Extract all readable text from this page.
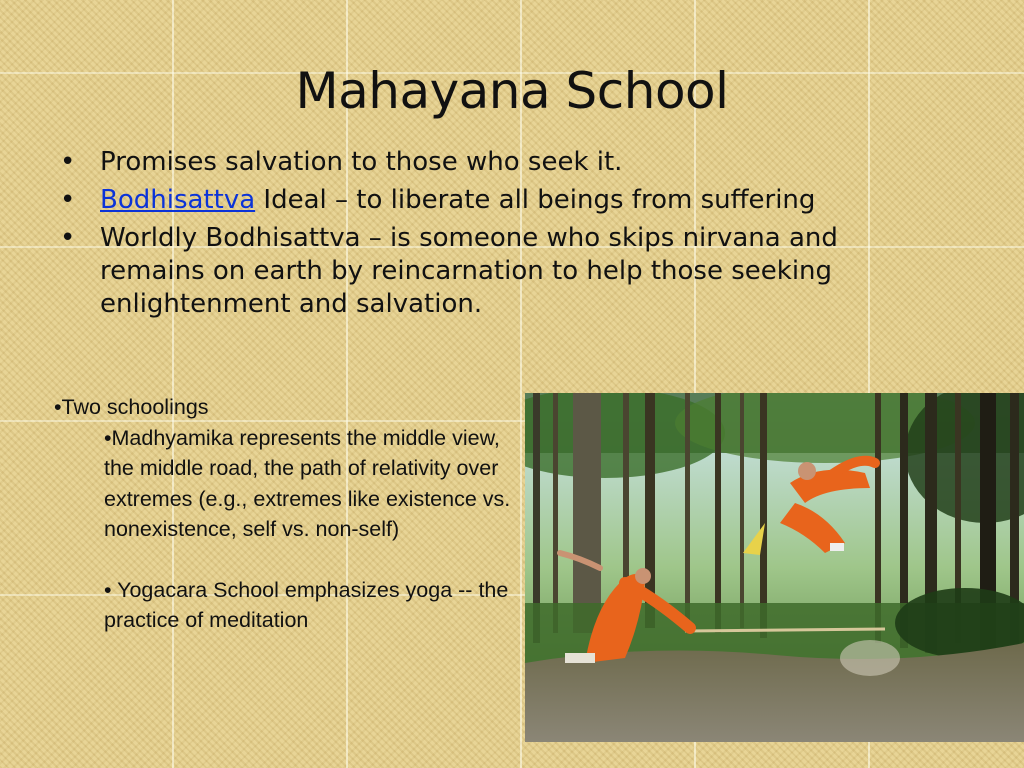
Mahayana School
• Promises salvation to those who seek it.
• Bodhisattva Ideal – to liberate all beings from suffering
• Worldly Bodhisattva – is someone who skips nirvana and remains on earth by reincarnation to help those seeking enlightenment and salvation.
•Two schoolings
•Madhyamika represents the middle view, the middle road, the path of relativity over extremes (e.g., extremes like existence vs. nonexistence, self vs. non-self)
• Yogacara School emphasizes yoga -- the practice of meditation
